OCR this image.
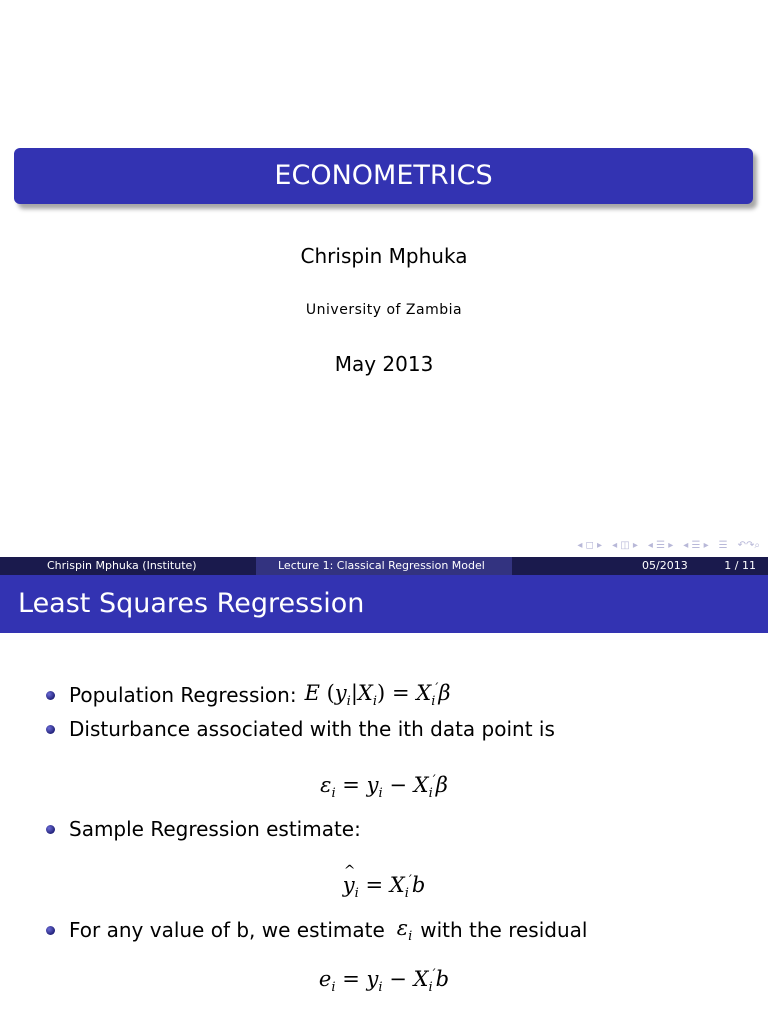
ECONOMETRICS
Chrispin Mphuka
University of Zambia
May 2013
◂ ◻ ▸ ◂ ◫ ▸ ◂ ☰ ▸ ◂ ☰ ▸ ☰ ↶↷⌕
Chrispin Mphuka (Institute)	Lecture 1: Classical Regression Model	05/2013	1 / 11
Least Squares Regression
Population Regression: E $(y_i|X_i) = X_i'\beta$
Disturbance associated with the ith data point is
$\varepsilon_i = y_i - X_i'\beta$
Sample Regression estimate:
^ $y_i = X_i'b$
For any value of b, we estimate $\varepsilon_i$ with the residual
$e_i = y_i - X_i'b$
